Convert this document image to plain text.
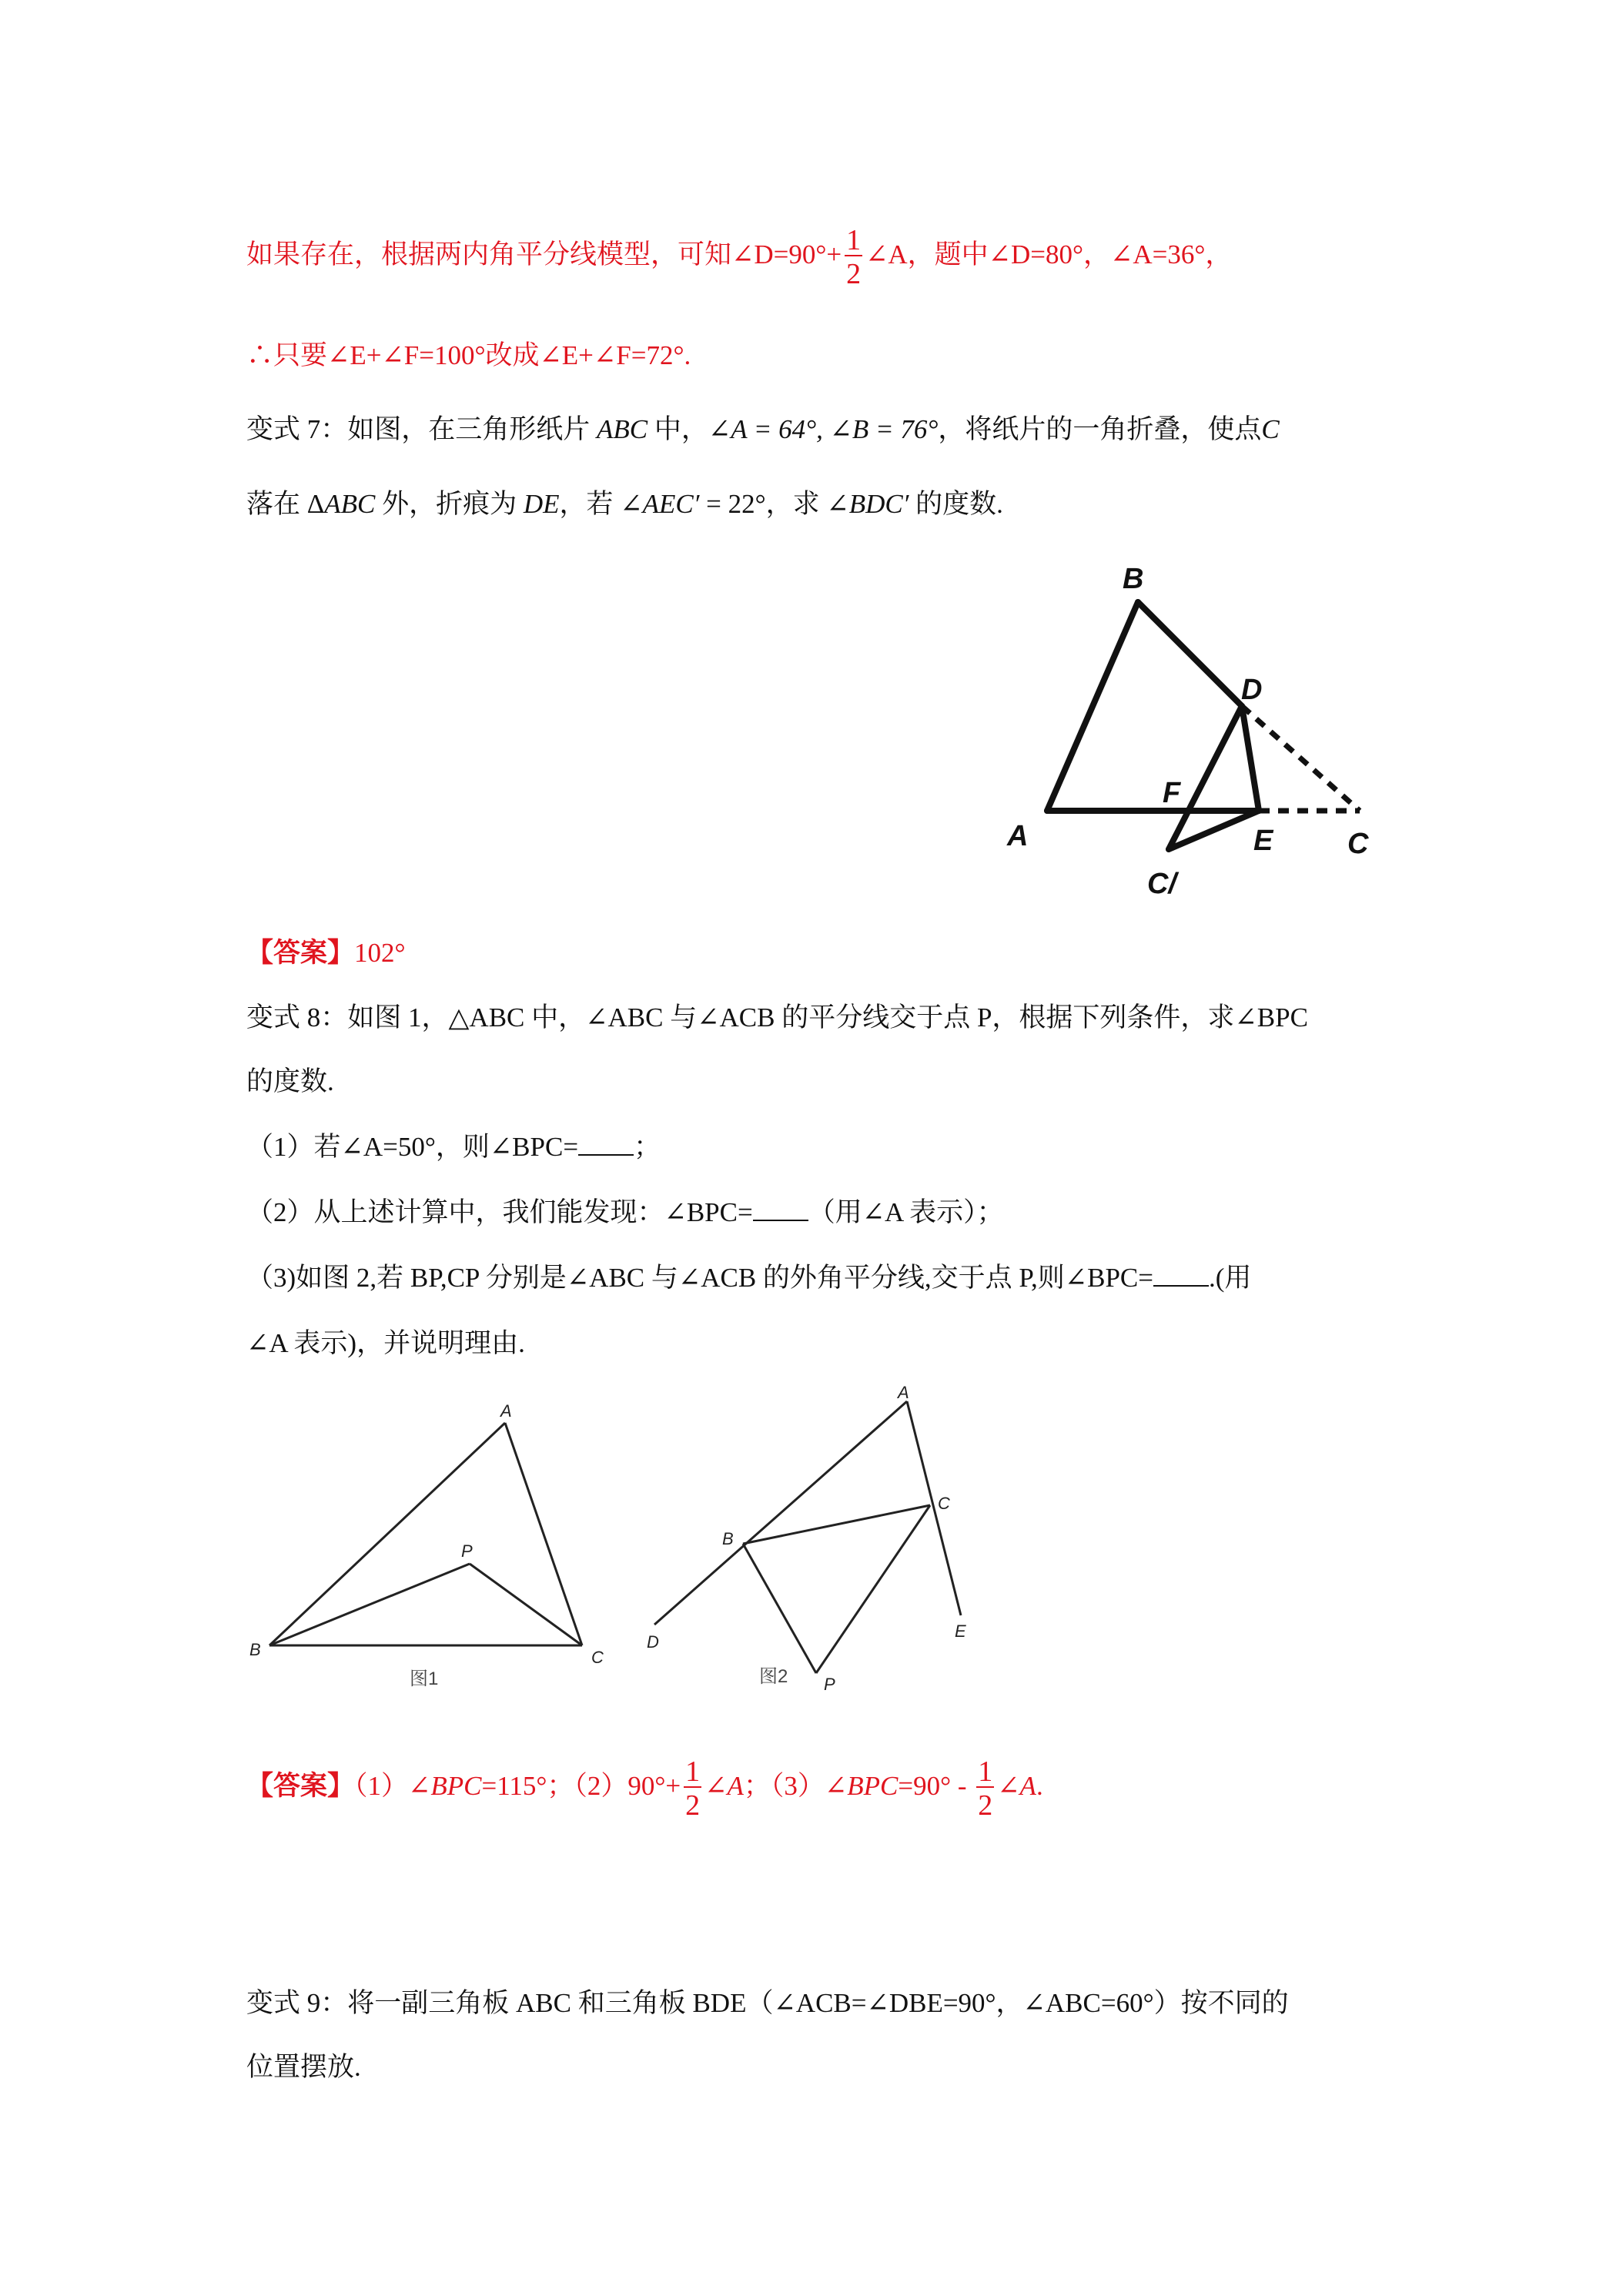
如果存在，根据两内角平分线模型，可知∠D=90°+ $\frac{1}{2}$ ∠A，题中∠D=80°，∠A=36°，
∴只要∠E+∠F=100°改成∠E+∠F=72°.
变式 7：如图，在三角形纸片 ABC 中，∠A = 64°, ∠B = 76°，将纸片的一角折叠，使点C
落在 ΔABC 外，折痕为 DE，若 ∠AEC′ = 22°，求 ∠BDC′ 的度数.
B
D
F
A	E	C
C/
【答案】102°
变式 8：如图 1，△ABC 中，∠ABC 与∠ACB 的平分线交于点 P，根据下列条件，求∠BPC
的度数.
（1）若∠A=50°，则∠BPC= ；
（2）从上述计算中，我们能发现：∠BPC= （用∠A 表示）；
（3)如图 2,若 BP,CP 分别是∠ABC 与∠ACB 的外角平分线,交于点 P,则∠BPC= .(用
∠A 表示)，并说明理由.
A
P
B	C
图1
A
C
B
D
E
P
图2
【答案】（1）∠BPC=115°；$(2)90^\circ+ \frac{1}{2}$ ∠A；（3）∠BPC=90° - $\frac{1}{2}$ ∠A.
变式 9：将一副三角板 ABC 和三角板 BDE（∠ACB=∠DBE=90°，∠ABC=60°）按不同的
位置摆放.
